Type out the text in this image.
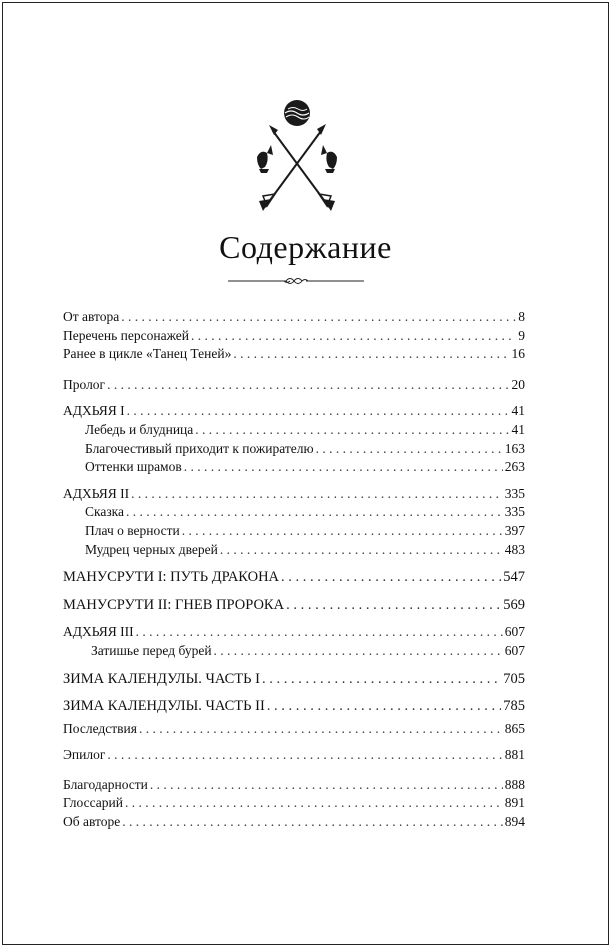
Содержание
От автора . . .	8
Перечень персонажей . . .	9
Ранее в цикле «Танец Теней» . . .	16
Пролог . . .	20
АДХЬЯЯ I . . .	41
Лебедь и блудница . . .	41
Благочестивый приходит к пожирателю . . .	163
Оттенки шрамов . . .	263
АДХЬЯЯ II . . .	335
Сказка . . .	335
Плач о верности . . .	397
Мудрец черных дверей . . .	483
МАНУСРУТИ I: ПУТЬ ДРАКОНА . . .	547
МАНУСРУТИ II: ГНЕВ ПРОРОКА . . .	569
АДХЬЯЯ III . . .	607
Затишье перед бурей . . .	607
ЗИМА КАЛЕНДУЛЫ. ЧАСТЬ I . . .	705
ЗИМА КАЛЕНДУЛЫ. ЧАСТЬ II . . .	785
Последствия . . .	865
Эпилог . . .	881
Благодарности . . .	888
Глоссарий . . .	891
Об авторе . . .	894
